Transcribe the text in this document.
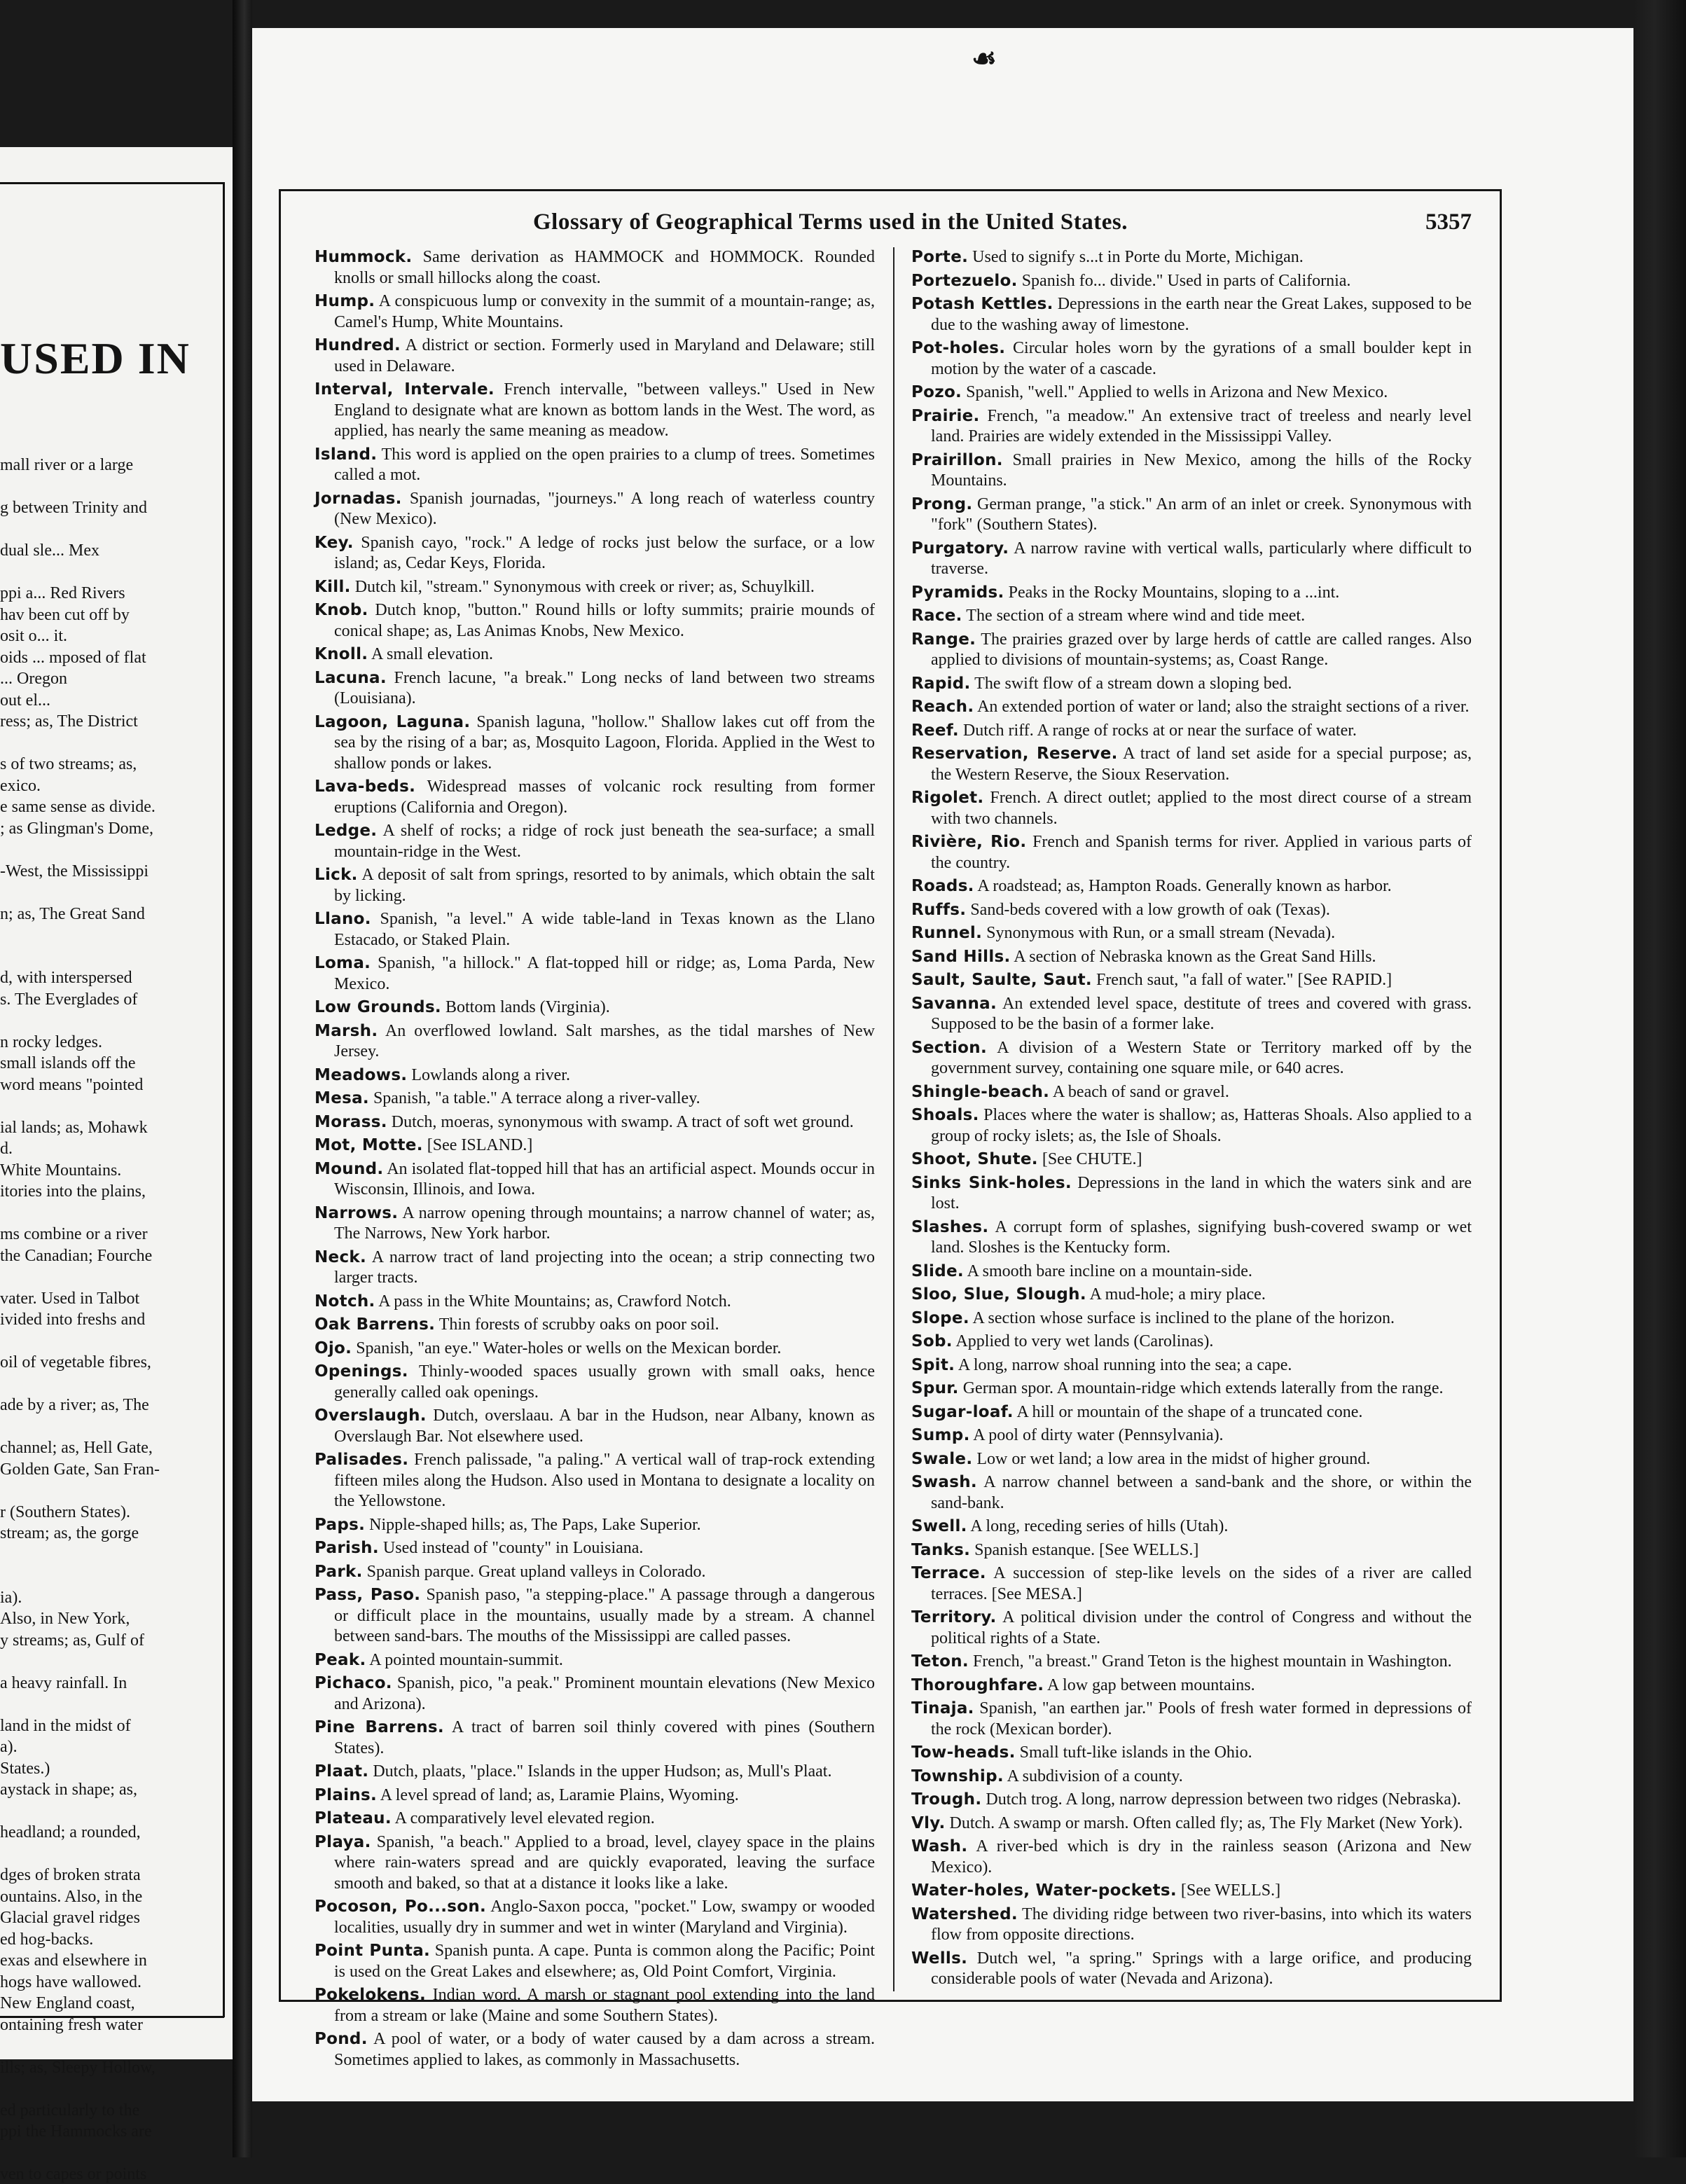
USED IN
mall river or a large
g between Trinity and
dual sle... Mex
ppi a... Red Rivers
hav been cut off by
osit o... it.
oids ... mposed of flat
... Oregon
out el...
ress; as, The District
s of two streams; as,
exico.
e same sense as divide.
; as Glingman's Dome,
-West, the Mississippi
n; as, The Great Sand
d, with interspersed
s. The Everglades of
n rocky ledges.
small islands off the
word means "pointed
ial lands; as, Mohawk
d.
White Mountains.
itories into the plains,
ms combine or a river
the Canadian; Fourche
vater. Used in Talbot
ivided into freshs and
oil of vegetable fibres,
ade by a river; as, The
channel; as, Hell Gate,
Golden Gate, San Fran-
r (Southern States).
stream; as, the gorge
ia).
Also, in New York,
y streams; as, Gulf of
a heavy rainfall. In
land in the midst of
a).
States.)
aystack in shape; as,
headland; a rounded,
dges of broken strata
ountains. Also, in the
Glacial gravel ridges
ed hog-backs.
exas and elsewhere in
hogs have wallowed.
New England coast,
ontaining fresh water
ills; as, Sleepy Hollow,
ed particularly to the
ppi the Hammocks are
ven to capes or points
☙
Glossary of Geographical Terms used in the United States.	5357
Hummock. Same derivation as HAMMOCK and HOMMOCK. Rounded knolls or small hillocks along the coast.
Hump. A conspicuous lump or convexity in the summit of a mountain-range; as, Camel's Hump, White Mountains.
Hundred. A district or section. Formerly used in Maryland and Delaware; still used in Delaware.
Interval, Intervale. French intervalle, "between valleys." Used in New England to designate what are known as bottom lands in the West. The word, as applied, has nearly the same meaning as meadow.
Island. This word is applied on the open prairies to a clump of trees. Sometimes called a mot.
Jornadas. Spanish journadas, "journeys." A long reach of waterless country (New Mexico).
Key. Spanish cayo, "rock." A ledge of rocks just below the surface, or a low island; as, Cedar Keys, Florida.
Kill. Dutch kil, "stream." Synonymous with creek or river; as, Schuylkill.
Knob. Dutch knop, "button." Round hills or lofty summits; prairie mounds of conical shape; as, Las Animas Knobs, New Mexico.
Knoll. A small elevation.
Lacuna. French lacune, "a break." Long necks of land between two streams (Louisiana).
Lagoon, Laguna. Spanish laguna, "hollow." Shallow lakes cut off from the sea by the rising of a bar; as, Mosquito Lagoon, Florida. Applied in the West to shallow ponds or lakes.
Lava-beds. Widespread masses of volcanic rock resulting from former eruptions (California and Oregon).
Ledge. A shelf of rocks; a ridge of rock just beneath the sea-surface; a small mountain-ridge in the West.
Lick. A deposit of salt from springs, resorted to by animals, which obtain the salt by licking.
Llano. Spanish, "a level." A wide table-land in Texas known as the Llano Estacado, or Staked Plain.
Loma. Spanish, "a hillock." A flat-topped hill or ridge; as, Loma Parda, New Mexico.
Low Grounds. Bottom lands (Virginia).
Marsh. An overflowed lowland. Salt marshes, as the tidal marshes of New Jersey.
Meadows. Lowlands along a river.
Mesa. Spanish, "a table." A terrace along a river-valley.
Morass. Dutch, moeras, synonymous with swamp. A tract of soft wet ground.
Mot, Motte. [See ISLAND.]
Mound. An isolated flat-topped hill that has an artificial aspect. Mounds occur in Wisconsin, Illinois, and Iowa.
Narrows. A narrow opening through mountains; a narrow channel of water; as, The Narrows, New York harbor.
Neck. A narrow tract of land projecting into the ocean; a strip connecting two larger tracts.
Notch. A pass in the White Mountains; as, Crawford Notch.
Oak Barrens. Thin forests of scrubby oaks on poor soil.
Ojo. Spanish, "an eye." Water-holes or wells on the Mexican border.
Openings. Thinly-wooded spaces usually grown with small oaks, hence generally called oak openings.
Overslaugh. Dutch, overslaau. A bar in the Hudson, near Albany, known as Overslaugh Bar. Not elsewhere used.
Palisades. French palissade, "a paling." A vertical wall of trap-rock extending fifteen miles along the Hudson. Also used in Montana to designate a locality on the Yellowstone.
Paps. Nipple-shaped hills; as, The Paps, Lake Superior.
Parish. Used instead of "county" in Louisiana.
Park. Spanish parque. Great upland valleys in Colorado.
Pass, Paso. Spanish paso, "a stepping-place." A passage through a dangerous or difficult place in the mountains, usually made by a stream. A channel between sand-bars. The mouths of the Mississippi are called passes.
Peak. A pointed mountain-summit.
Pichaco. Spanish, pico, "a peak." Prominent mountain elevations (New Mexico and Arizona).
Pine Barrens. A tract of barren soil thinly covered with pines (Southern States).
Plaat. Dutch, plaats, "place." Islands in the upper Hudson; as, Mull's Plaat.
Plains. A level spread of land; as, Laramie Plains, Wyoming.
Plateau. A comparatively level elevated region.
Playa. Spanish, "a beach." Applied to a broad, level, clayey space in the plains where rain-waters spread and are quickly evaporated, leaving the surface smooth and baked, so that at a distance it looks like a lake.
Pocoson, Po...son. Anglo-Saxon pocca, "pocket." Low, swampy or wooded localities, usually dry in summer and wet in winter (Maryland and Virginia).
Point Punta. Spanish punta. A cape. Punta is common along the Pacific; Point is used on the Great Lakes and elsewhere; as, Old Point Comfort, Virginia.
Pokelokens. Indian word. A marsh or stagnant pool extending into the land from a stream or lake (Maine and some Southern States).
Pond. A pool of water, or a body of water caused by a dam across a stream. Sometimes applied to lakes, as commonly in Massachusetts.
Porte. Used to signify s...t in Porte du Morte, Michigan.
Portezuelo. Spanish fo... divide." Used in parts of California.
Potash Kettles. Depressions in the earth near the Great Lakes, supposed to be due to the washing away of limestone.
Pot-holes. Circular holes worn by the gyrations of a small boulder kept in motion by the water of a cascade.
Pozo. Spanish, "well." Applied to wells in Arizona and New Mexico.
Prairie. French, "a meadow." An extensive tract of treeless and nearly level land. Prairies are widely extended in the Mississippi Valley.
Prairillon. Small prairies in New Mexico, among the hills of the Rocky Mountains.
Prong. German prange, "a stick." An arm of an inlet or creek. Synonymous with "fork" (Southern States).
Purgatory. A narrow ravine with vertical walls, particularly where difficult to traverse.
Pyramids. Peaks in the Rocky Mountains, sloping to a ...int.
Race. The section of a stream where wind and tide meet.
Range. The prairies grazed over by large herds of cattle are called ranges. Also applied to divisions of mountain-systems; as, Coast Range.
Rapid. The swift flow of a stream down a sloping bed.
Reach. An extended portion of water or land; also the straight sections of a river.
Reef. Dutch riff. A range of rocks at or near the surface of water.
Reservation, Reserve. A tract of land set aside for a special purpose; as, the Western Reserve, the Sioux Reservation.
Rigolet. French. A direct outlet; applied to the most direct course of a stream with two channels.
Rivière, Rio. French and Spanish terms for river. Applied in various parts of the country.
Roads. A roadstead; as, Hampton Roads. Generally known as harbor.
Ruffs. Sand-beds covered with a low growth of oak (Texas).
Runnel. Synonymous with Run, or a small stream (Nevada).
Sand Hills. A section of Nebraska known as the Great Sand Hills.
Sault, Saulte, Saut. French saut, "a fall of water." [See RAPID.]
Savanna. An extended level space, destitute of trees and covered with grass. Supposed to be the basin of a former lake.
Section. A division of a Western State or Territory marked off by the government survey, containing one square mile, or 640 acres.
Shingle-beach. A beach of sand or gravel.
Shoals. Places where the water is shallow; as, Hatteras Shoals. Also applied to a group of rocky islets; as, the Isle of Shoals.
Shoot, Shute. [See CHUTE.]
Sinks Sink-holes. Depressions in the land in which the waters sink and are lost.
Slashes. A corrupt form of splashes, signifying bush-covered swamp or wet land. Sloshes is the Kentucky form.
Slide. A smooth bare incline on a mountain-side.
Sloo, Slue, Slough. A mud-hole; a miry place.
Slope. A section whose surface is inclined to the plane of the horizon.
Sob. Applied to very wet lands (Carolinas).
Spit. A long, narrow shoal running into the sea; a cape.
Spur. German spor. A mountain-ridge which extends laterally from the range.
Sugar-loaf. A hill or mountain of the shape of a truncated cone.
Sump. A pool of dirty water (Pennsylvania).
Swale. Low or wet land; a low area in the midst of higher ground.
Swash. A narrow channel between a sand-bank and the shore, or within the sand-bank.
Swell. A long, receding series of hills (Utah).
Tanks. Spanish estanque. [See WELLS.]
Terrace. A succession of step-like levels on the sides of a river are called terraces. [See MESA.]
Territory. A political division under the control of Congress and without the political rights of a State.
Teton. French, "a breast." Grand Teton is the highest mountain in Washington.
Thoroughfare. A low gap between mountains.
Tinaja. Spanish, "an earthen jar." Pools of fresh water formed in depressions of the rock (Mexican border).
Tow-heads. Small tuft-like islands in the Ohio.
Township. A subdivision of a county.
Trough. Dutch trog. A long, narrow depression between two ridges (Nebraska).
Vly. Dutch. A swamp or marsh. Often called fly; as, The Fly Market (New York).
Wash. A river-bed which is dry in the rainless season (Arizona and New Mexico).
Water-holes, Water-pockets. [See WELLS.]
Watershed. The dividing ridge between two river-basins, into which its waters flow from opposite directions.
Wells. Dutch wel, "a spring." Springs with a large orifice, and producing considerable pools of water (Nevada and Arizona).
